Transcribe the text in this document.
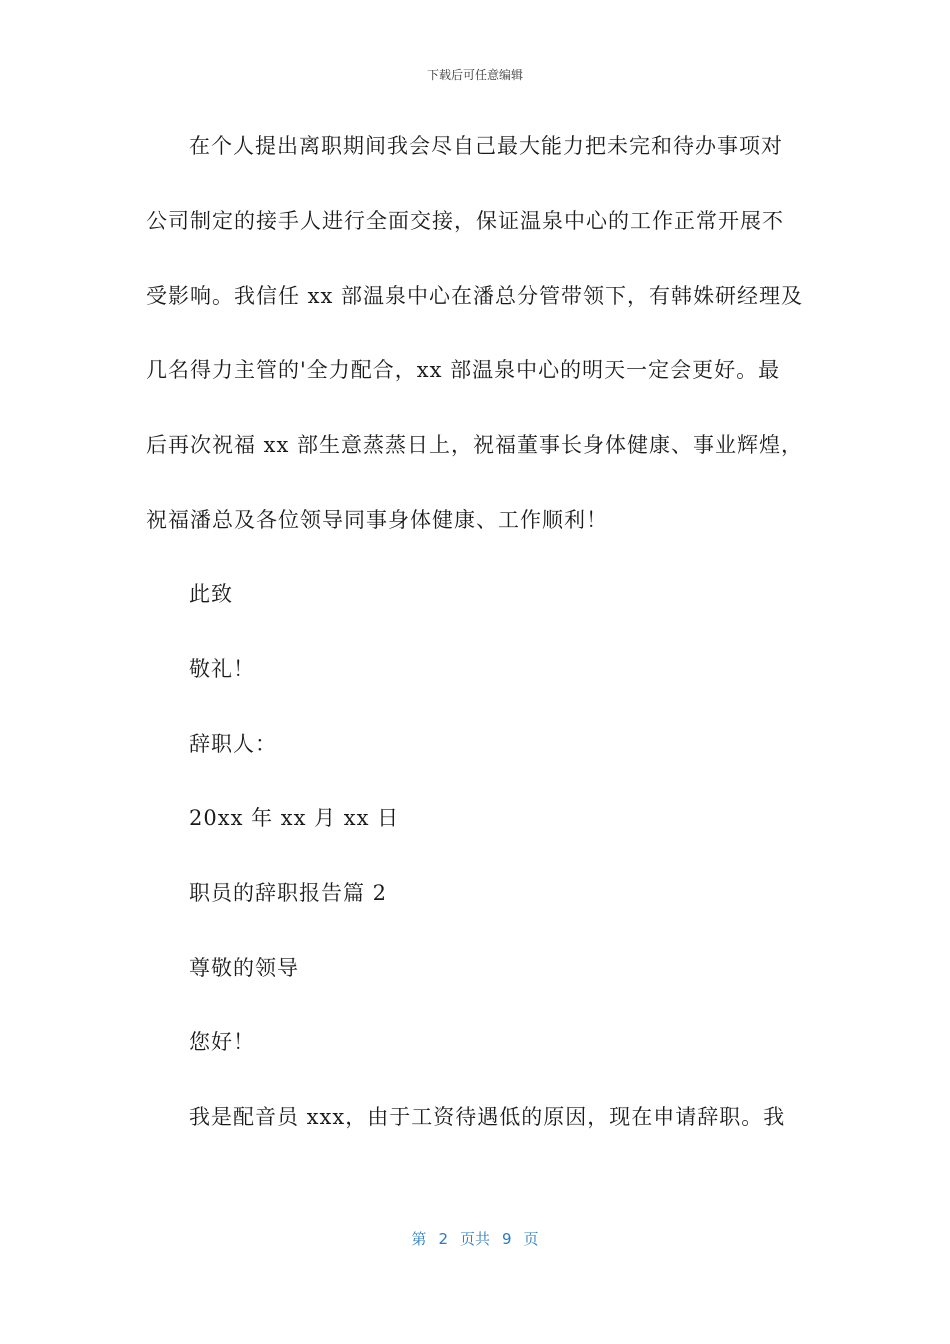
下载后可任意编辑
在个人提出离职期间我会尽自己最大能力把未完和待办事项对
公司制定的接手人进行全面交接，保证温泉中心的工作正常开展不
受影响。我信任 xx 部温泉中心在潘总分管带领下，有韩姝研经理及
几名得力主管的'全力配合，xx 部温泉中心的明天一定会更好。最
后再次祝福 xx 部生意蒸蒸日上，祝福董事长身体健康、事业辉煌，
祝福潘总及各位领导同事身体健康、工作顺利！
此致
敬礼！
辞职人：
20xx 年 xx 月 xx 日
职员的辞职报告篇 2
尊敬的领导
您好！
我是配音员 xxx，由于工资待遇低的原因，现在申请辞职。我
第 2 页共 9 页
